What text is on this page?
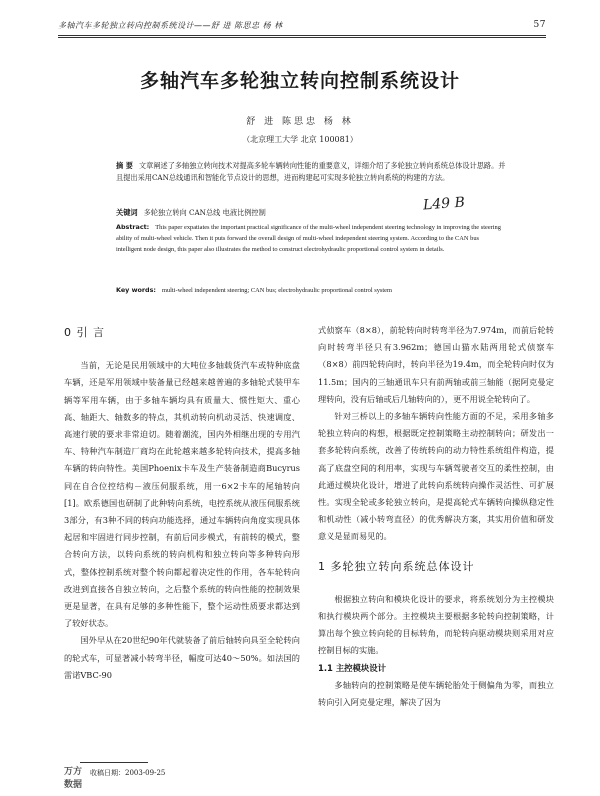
多轴汽车多轮独立转向控制系统设计——舒 进 陈思忠 杨 林	57
多轴汽车多轮独立转向控制系统设计
舒 进 陈思忠 杨 林
（北京理工大学 北京 100081）
摘 要 文章阐述了多轴独立转向技术对提高多轮车辆转向性能的重要意义，详细介绍了多轮独立转向系统总体设计思路。并且提出采用CAN总线通讯和智能化节点设计的思想，进而构建起可实现多轮独立转向系统的构建的方法。
关键词 多轮独立转向 CAN总线 电液比例控制	L49 B
Abstract: This paper expatiates the important practical significance of the multi-wheel independent steering technology in improving the steering ability of multi-wheel vehicle. Then it puts forward the overall design of multi-wheel independent steering system. According to the CAN bus intelligent node design, this paper also illustrates the method to construct electrohydraulic proportional control system in details.
Key words: multi-wheel independent steering; CAN bus; electrohydraulic proportional control system
0 引 言

当前，无论是民用领域中的大吨位多轴载货汽车或特种底盘车辆，还是军用领域中装备量已经越来越普遍的多轴轮式装甲车辆等军用车辆，由于多轴车辆均具有质量大、惯性矩大、重心高、轴距大、轴数多的特点，其机动转向机动灵活、快速调度、高速行驶的要求非常迫切。随着潮流，国内外相继出现的专用汽车、特种汽车制造厂商均在此轮越来越多轮转向技术，提高多轴车辆的转向特性。美国Phoenix卡车及生产装备制造商Bucyrus同在自合位控结构－液压伺服系统，用一6×2卡车的尾轴转向[1]。欧系德国也研制了此种转向系统，电控系统从液压伺服系统3部分，有3种不同的转向功能选择，通过车辆转向角度实现具体起居和牢固进行同步控制，有前后同步模式，有前转的模式，整合转向方法，以转向系统的转向机构和独立转向等多种转向形式，整体控制系统对整个转向都起着决定性的作用，各车轮转向改进到直接各自独立转向，之后整个系统的转向性能的控制效果更是显著，在具有足够的多种性能下，整个运动性质要求都达到了较好状态。

国外早从在20世纪90年代就装备了前后轴转向具至全轮转向的轮式车，可显著减小转弯半径，幅度可达40～50%。如法国的雷诺VBC-90

式侦察车（8×8），前轮转向时转弯半径为7.974m，而前后轮转向时转弯半径只有3.962m；德国山猫水陆两用轮式侦察车（8×8）前四轮转向时，转向半径为19.4m，而全轮转向时仅为11.5m；国内的三轴通讯车只有前两轴或前三轴能（据阿克曼定理转向，没有后轴或后几轴转向的），更不用说全轮转向了。

针对三桥以上的多轴车辆转向性能方面的不足，采用多轴多轮独立转向的构想，根据既定控制策略主动控制转向；研发出一套多轮转向系统，改善了传统转向的动力特性系统组件构造，提高了底盘空间的利用率，实现与车辆驾驶者交互的柔性控制，由此通过模块化设计，增进了此转向系统转向操作灵活性、可扩展性。实现全轮或多轮独立转向，是提高轮式车辆转向操纵稳定性和机动性（减小转弯直径）的优秀解决方案，其实用价值和研发意义是显而易见的。

1 多轮独立转向系统总体设计

根据独立转向和模块化设计的要求，将系统划分为主控模块和执行模块两个部分。主控模块主要根据多轮转向控制策略，计算出每个独立转向轮的目标转角，而轮转向驱动模块则采用对应控制目标的实施。

1.1 主控模块设计

多轴转向的控制策略是使车辆轮胎处于侧偏角为零，而独立转向引入阿克曼定理，解决了因为

万方数据
收稿日期：2003-09-25
